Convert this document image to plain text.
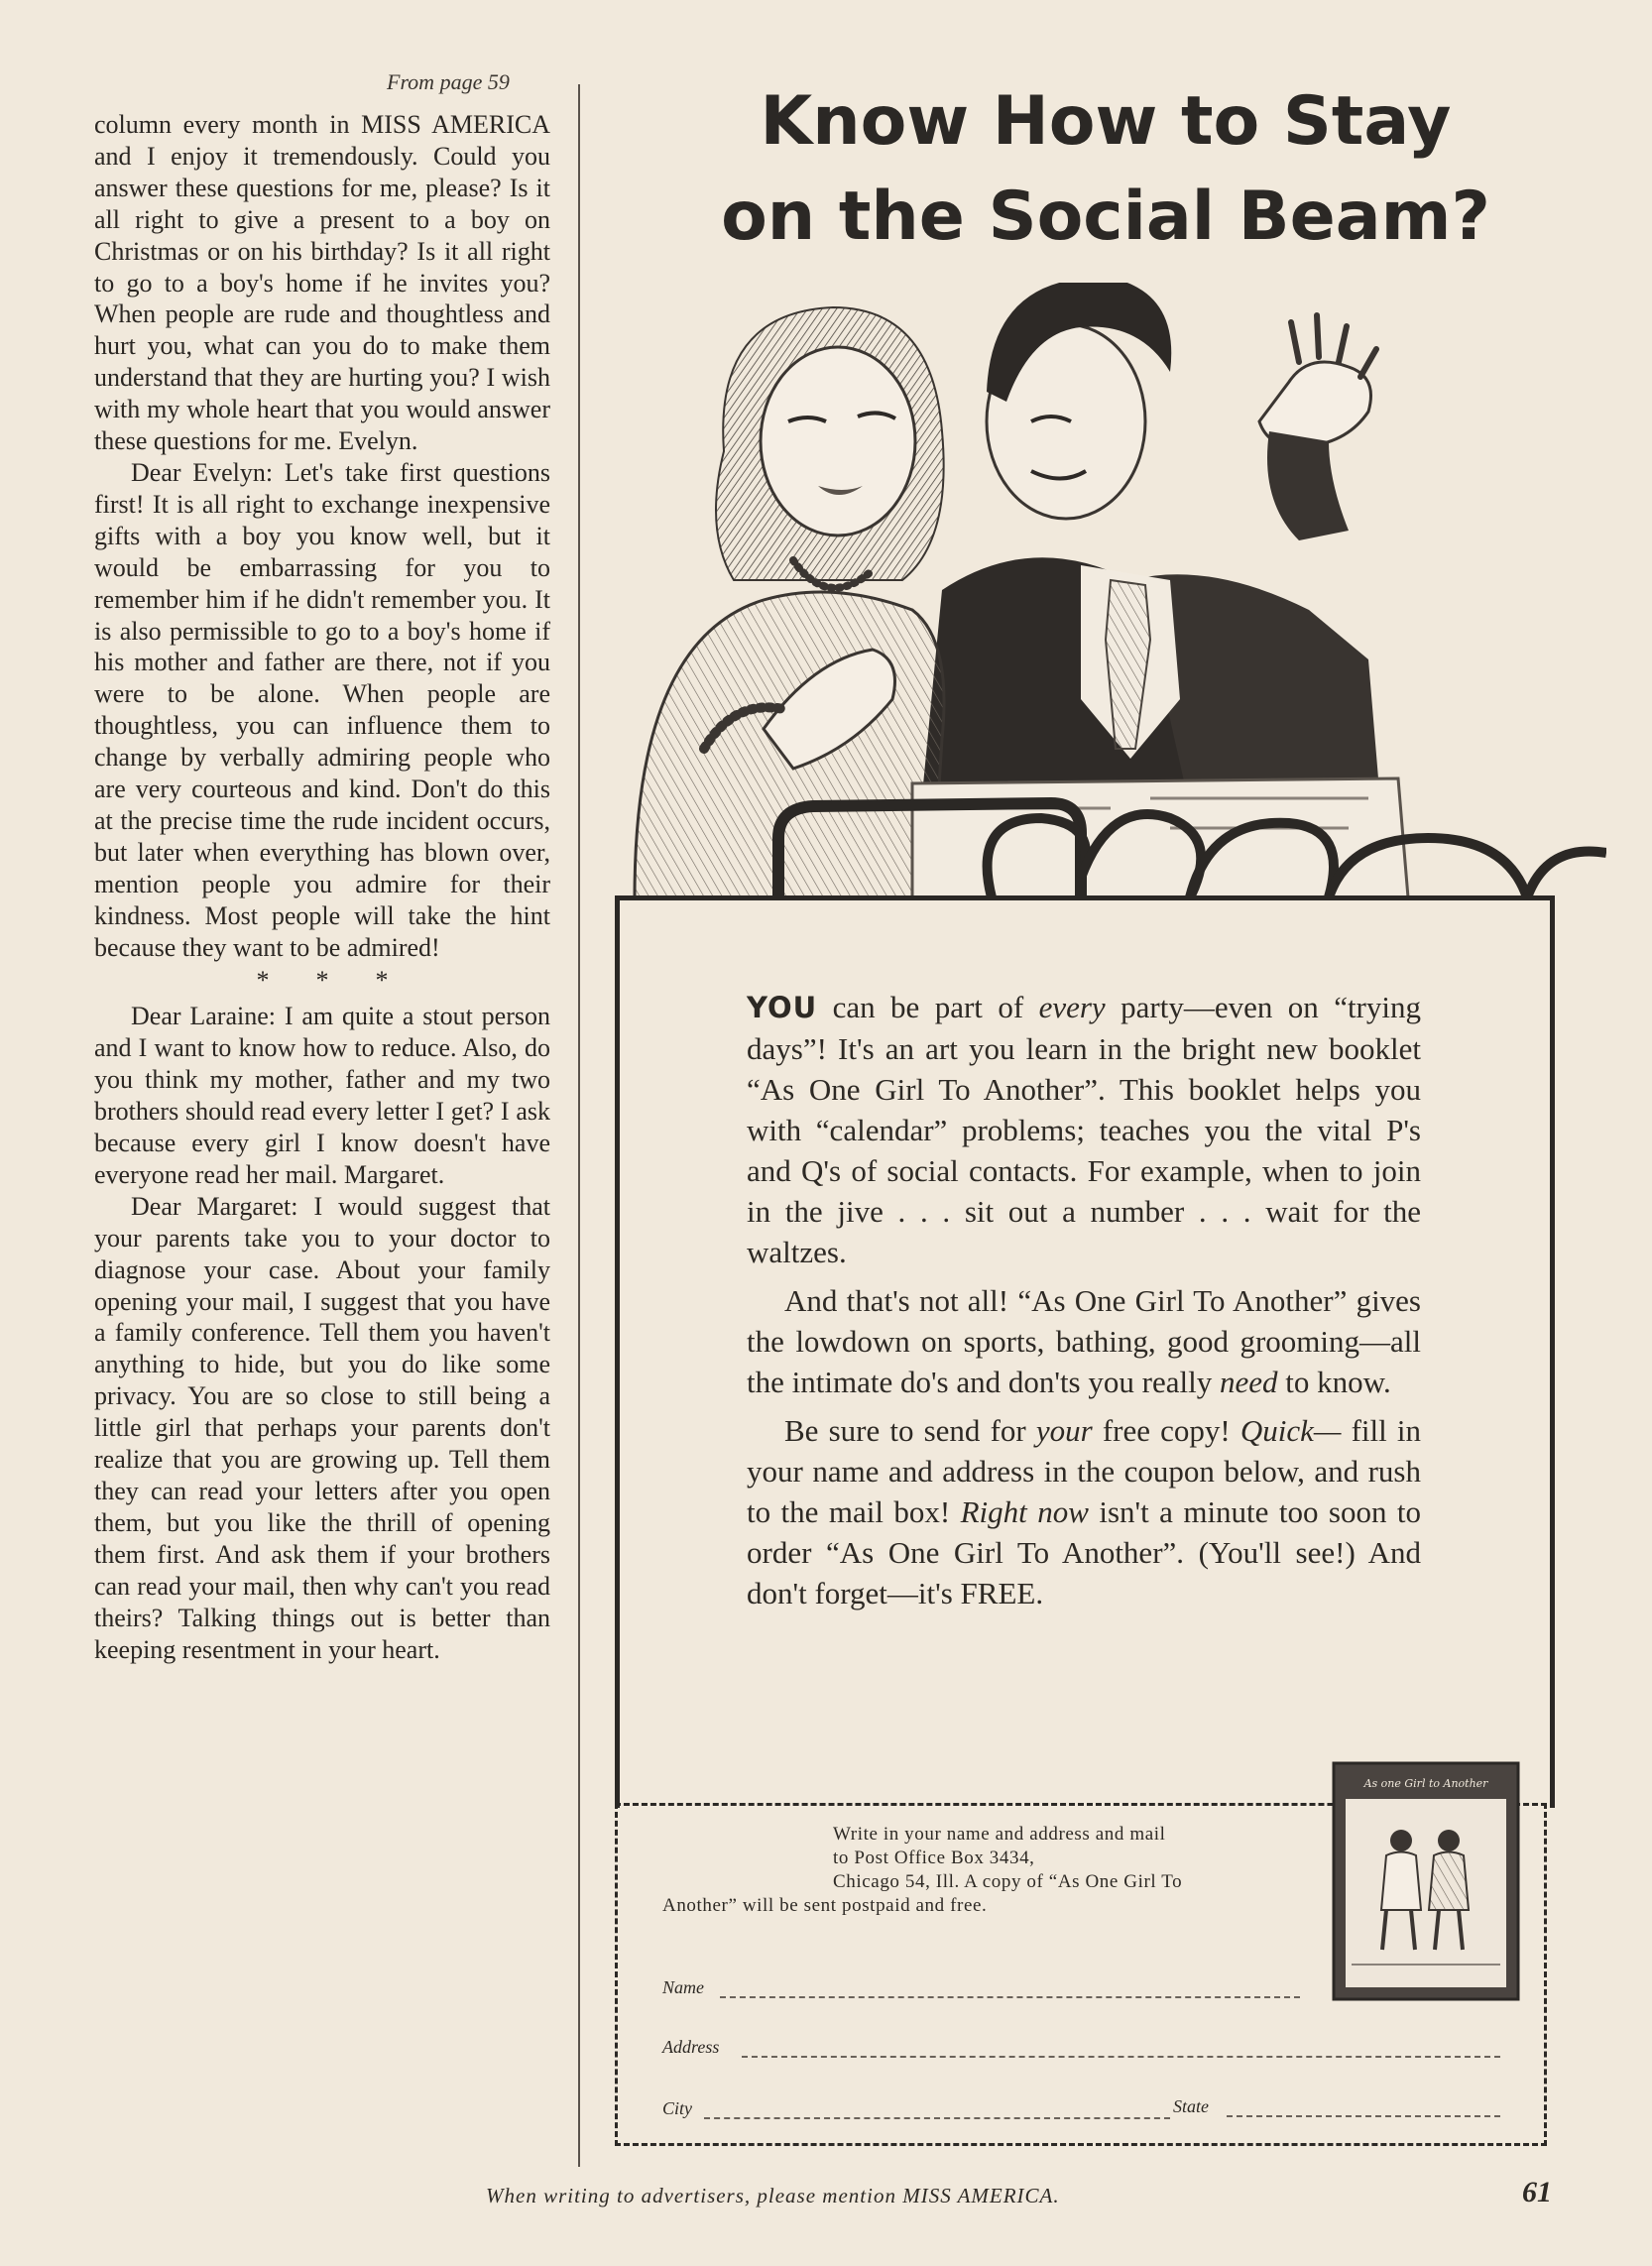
From page 59

column every month in MISS AMERICA and I enjoy it tremendously. Could you answer these questions for me, please? Is it all right to give a present to a boy on Christmas or on his birthday? Is it all right to go to a boy's home if he invites you? When people are rude and thoughtless and hurt you, what can you do to make them understand that they are hurting you? I wish with my whole heart that you would answer these questions for me. Evelyn.

Dear Evelyn: Let's take first questions first! It is all right to exchange inexpensive gifts with a boy you know well, but it would be embarrassing for you to remember him if he didn't remember you. It is also permissible to go to a boy's home if his mother and father are there, not if you were to be alone. When people are thoughtless, you can influence them to change by verbally admiring people who are very courteous and kind. Don't do this at the precise time the rude incident occurs, but later when everything has blown over, mention people you admire for their kindness. Most people will take the hint because they want to be admired!

* * *

Dear Laraine: I am quite a stout person and I want to know how to reduce. Also, do you think my mother, father and my two brothers should read every letter I get? I ask because every girl I know doesn't have everyone read her mail. Margaret.

Dear Margaret: I would suggest that your parents take you to your doctor to diagnose your case. About your family opening your mail, I suggest that you have a family conference. Tell them you haven't anything to hide, but you do like some privacy. You are so close to still being a little girl that perhaps your parents don't realize that you are growing up. Tell them they can read your letters after you open them, but you like the thrill of opening them first. And ask them if your brothers can read your mail, then why can't you read theirs? Talking things out is better than keeping resentment in your heart.

Know How to Stay
on the Social Beam?

YOU can be part of every party—even on “trying days”! It's an art you learn in the bright new booklet “As One Girl To Another”. This booklet helps you with “calendar” problems; teaches you the vital P's and Q's of social contacts. For example, when to join in the jive . . . sit out a number . . . wait for the waltzes.

And that's not all! “As One Girl To Another” gives the lowdown on sports, bathing, good grooming—all the intimate do's and don'ts you really need to know.

Be sure to send for your free copy! Quick— fill in your name and address in the coupon below, and rush to the mail box! Right now isn't a minute too soon to order “As One Girl To Another”. (You'll see!) And don't forget—it's FREE.

Write in your name and address and mail
to Post Office Box 3434,
Chicago 54, Ill. A copy of “As One Girl To
Another” will be sent postpaid and free.
Name
Address
City	State
As one Girl to Another
When writing to advertisers, please mention MISS AMERICA.	61
